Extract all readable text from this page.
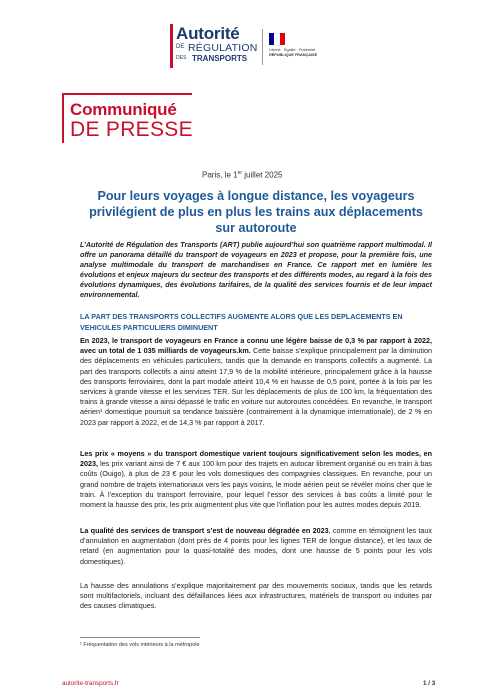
Autorité
DE RÉGULATION
DES TRANSPORTS
Liberté · Égalité · Fraternité
RÉPUBLIQUE FRANÇAISE
Communiqué
DE PRESSE
Paris, le 1er juillet 2025
Pour leurs voyages à longue distance, les voyageurs privilégient de plus en plus les trains aux déplacements sur autoroute

L’Autorité de Régulation des Transports (ART) publie aujourd’hui son quatrième rapport multimodal. Il offre un panorama détaillé du transport de voyageurs en 2023 et propose, pour la première fois, une analyse multimodale du transport de marchandises en France. Ce rapport met en lumière les évolutions et enjeux majeurs du secteur des transports et des différents modes, au regard à la fois des évolutions dynamiques, des évolutions tarifaires, de la qualité des services fournis et de leur impact environnemental.

LA PART DES TRANSPORTS COLLECTIFS AUGMENTE ALORS QUE LES DEPLACEMENTS EN VEHICULES PARTICULIERS DIMINUENT

En 2023, le transport de voyageurs en France a connu une légère baisse de 0,3 % par rapport à 2022, avec un total de 1 035 milliards de voyageurs.km. Cette baisse s’explique principalement par la diminution des déplacements en véhicules particuliers, tandis que la demande en transports collectifs a augmenté. La part des transports collectifs a ainsi atteint 17,9 % de la mobilité intérieure, principalement grâce à la hausse des transports ferroviaires, dont la part modale atteint 10,4 % en hausse de 0,5 point, portée à la fois par les services à grande vitesse et les services TER. Sur les déplacements de plus de 100 km, la fréquentation des trains à grande vitesse a ainsi dépassé le trafic en voiture sur autoroutes concédées. En revanche, le transport aérien¹ domestique poursuit sa tendance baissière (contrairement à la dynamique internationale), de 2 % en 2023 par rapport à 2022, et de 14,3 % par rapport à 2017.

Les prix « moyens » du transport domestique varient toujours significativement selon les modes, en 2023, les prix variant ainsi de 7 € aux 100 km pour des trajets en autocar librement organisé ou en train à bas coûts (Ouigo), à plus de 23 € pour les vols domestiques des compagnies classiques. En revanche, pour un grand nombre de trajets internationaux vers les pays voisins, le mode aérien peut se révéler moins cher que le train. À l’exception du transport ferroviaire, pour lequel l’essor des services à bas coûts a limité pour le moment la hausse des prix, les prix augmentent plus vite que l’inflation pour les autres modes depuis 2019.

La qualité des services de transport s’est de nouveau dégradée en 2023, comme en témoignent les taux d’annulation en augmentation (dont près de 4 points pour les lignes TER de longue distance), et les taux de retard (en augmentation pour la quasi-totalité des modes, dont une hausse de 5 points pour les vols domestiques).

La hausse des annulations s’explique majoritairement par des mouvements sociaux, tandis que les retards sont multifactoriels, incluant des défaillances liées aux infrastructures, matériels de transport ou induites par des causes climatiques.

¹ Fréquentation des vols intérieurs à la métropole
autorite-transports.fr	1 / 3
